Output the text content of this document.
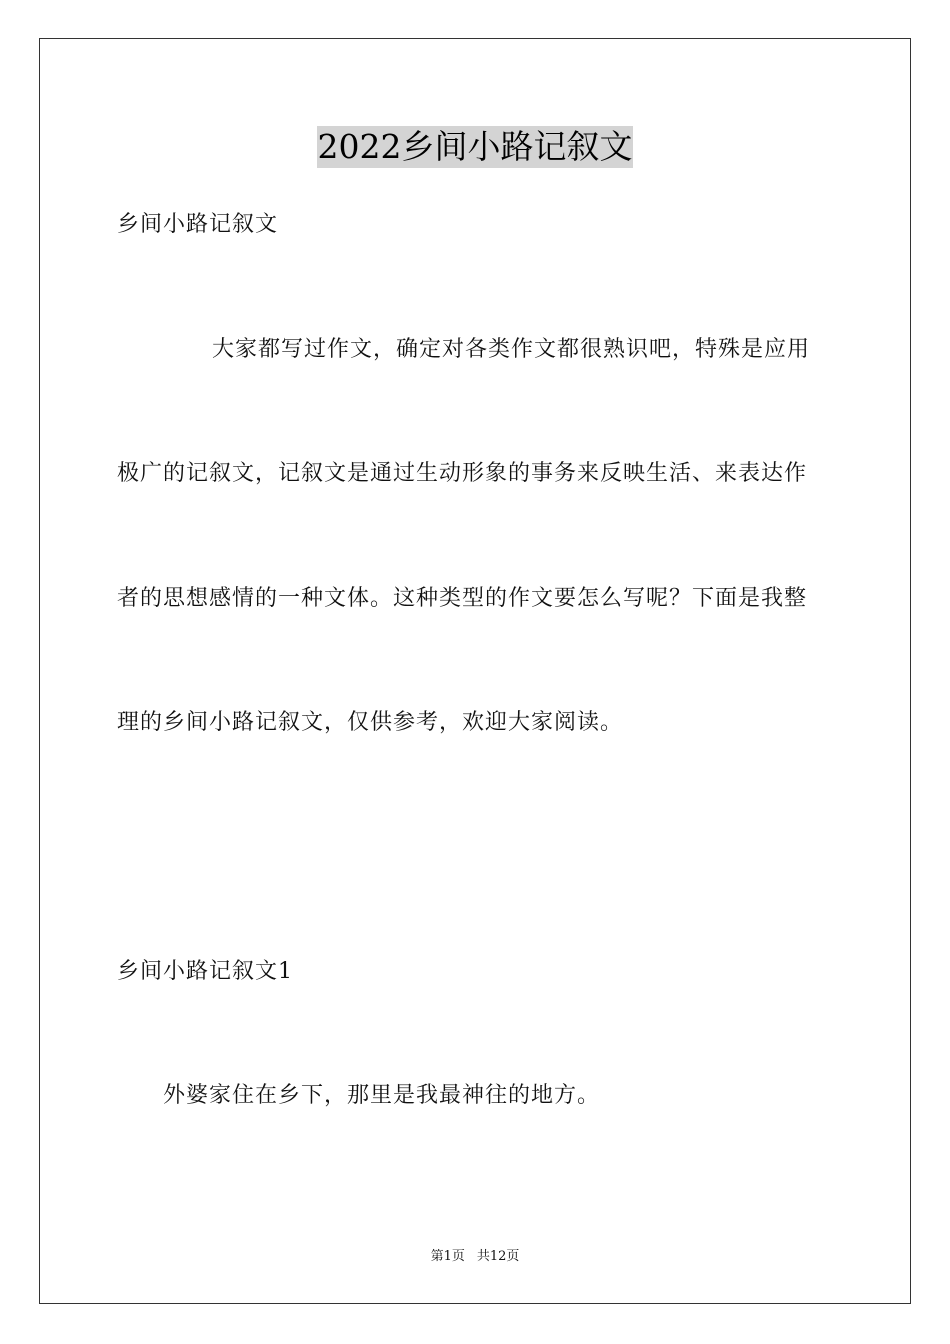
2022乡间小路记叙文
乡间小路记叙文
大家都写过作文，确定对各类作文都很熟识吧，特殊是应用
极广的记叙文，记叙文是通过生动形象的事务来反映生活、来表达作
者的思想感情的一种文体。这种类型的作文要怎么写呢？下面是我整
理的乡间小路记叙文，仅供参考，欢迎大家阅读。
乡间小路记叙文1
外婆家住在乡下，那里是我最神往的地方。
第1页 共12页
